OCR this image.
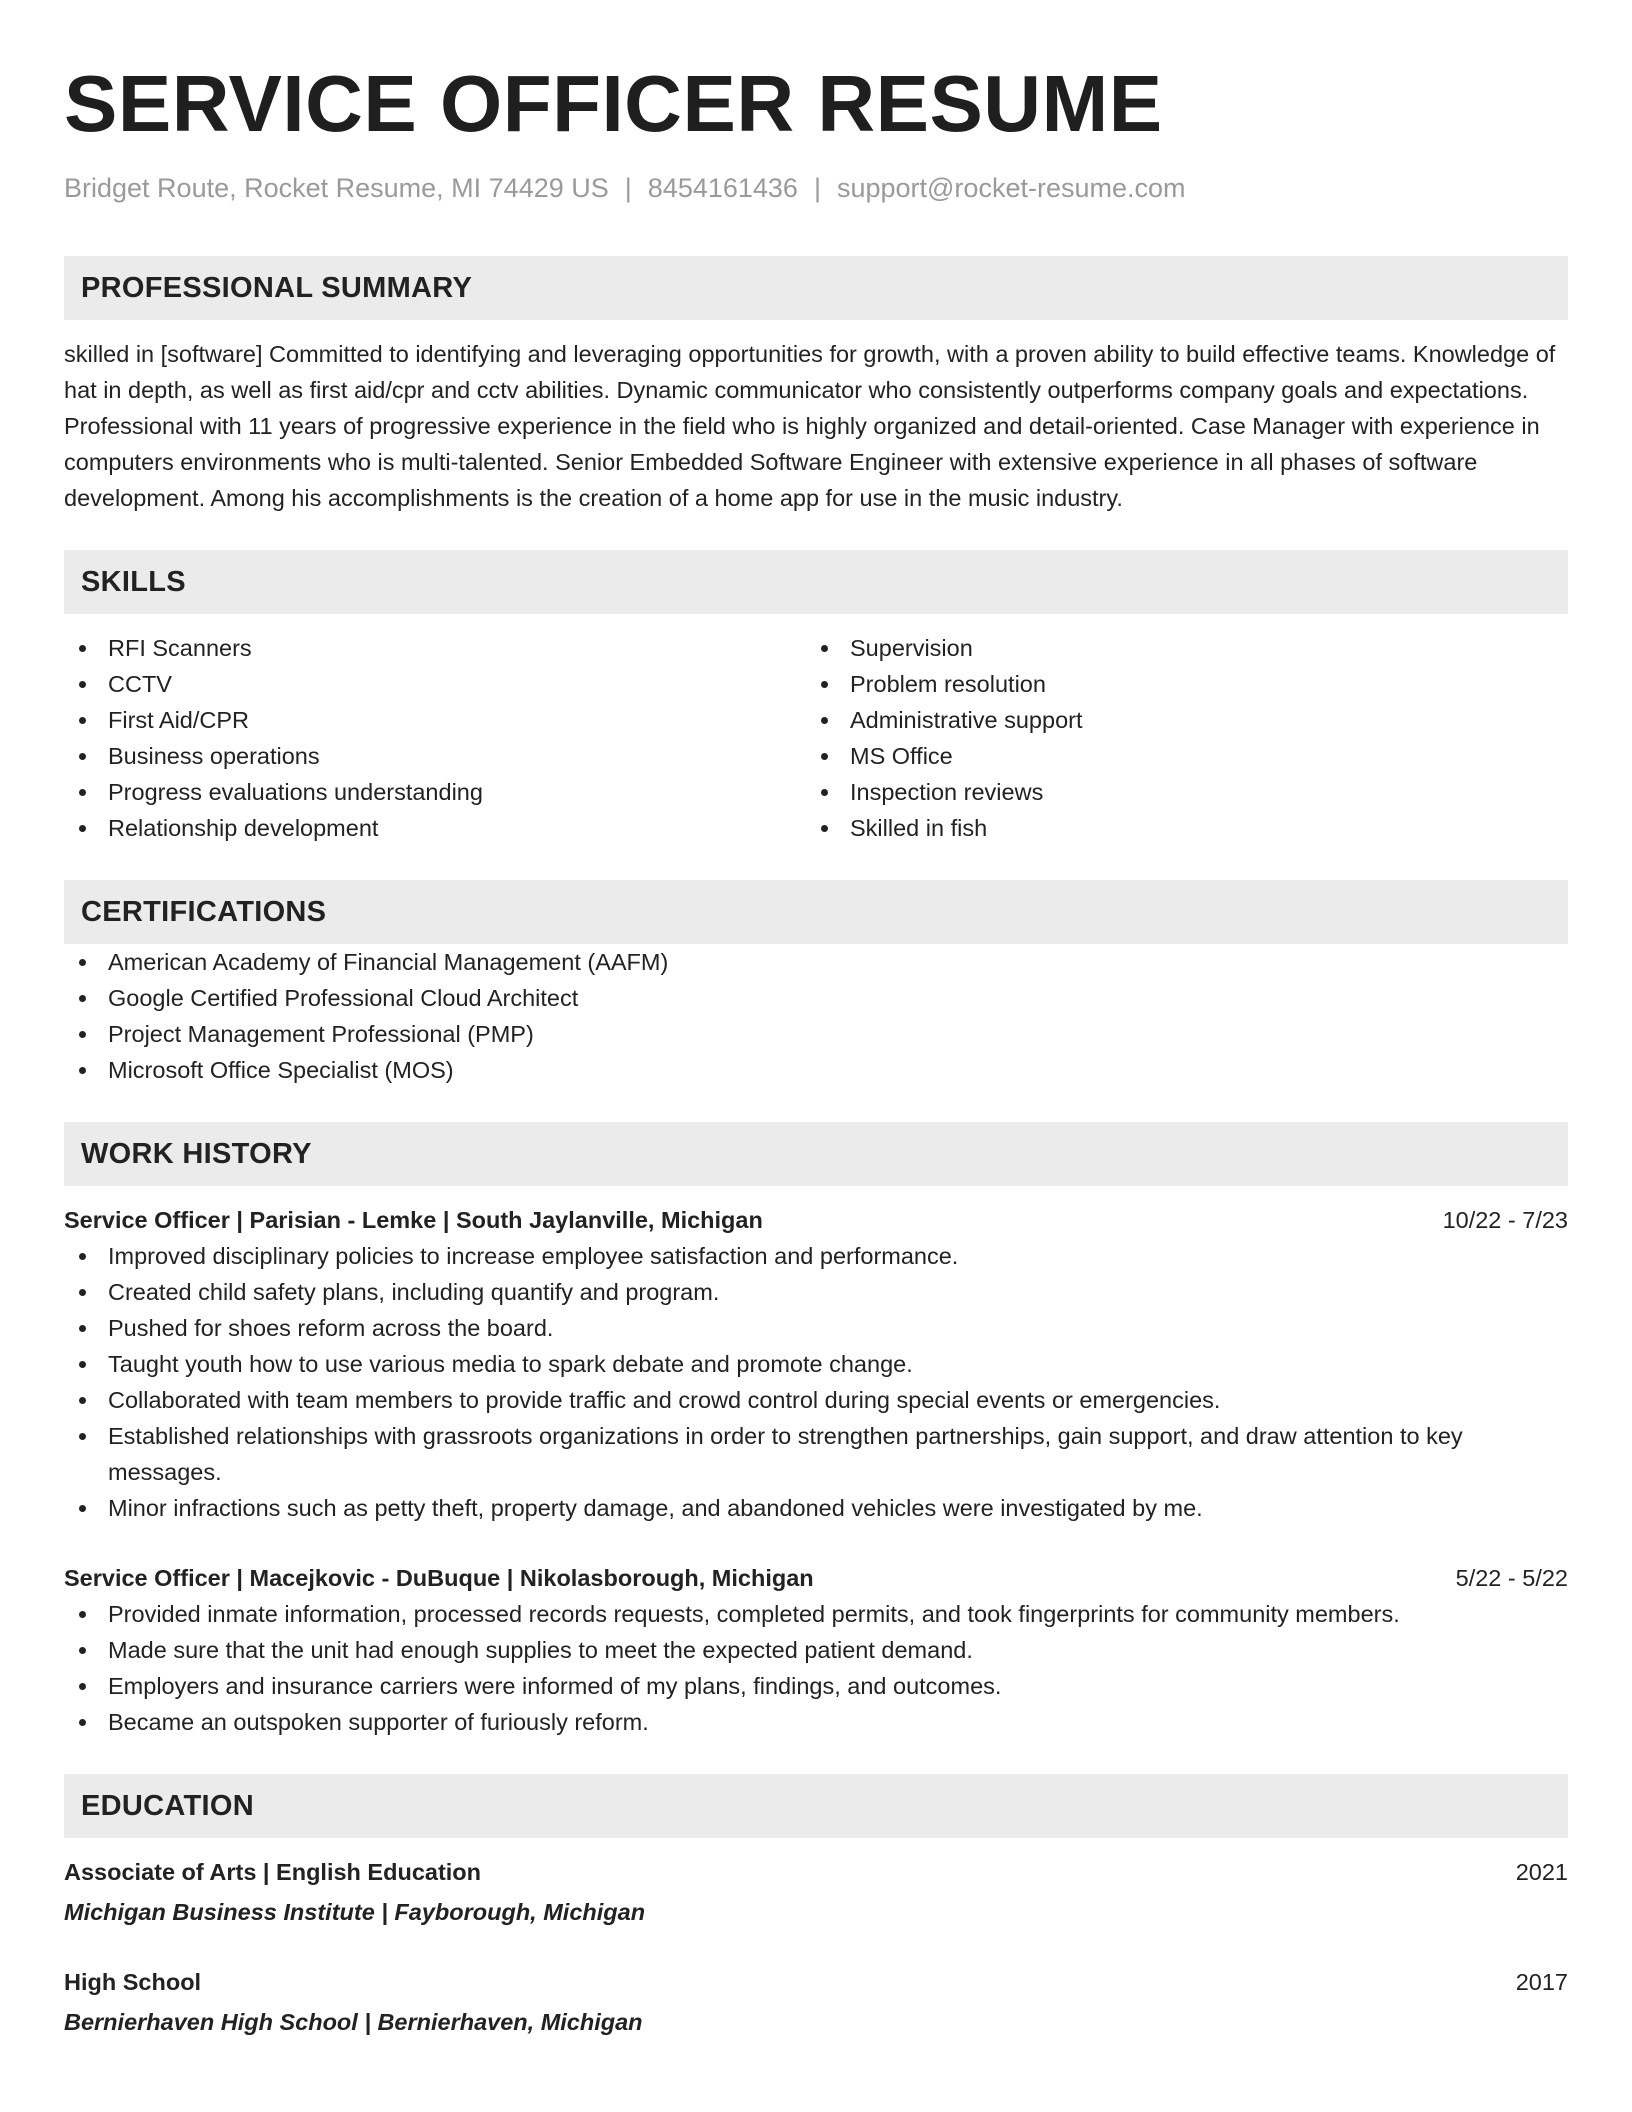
SERVICE OFFICER RESUME
Bridget Route, Rocket Resume, MI 74429 US | 8454161436 | support@rocket-resume.com
PROFESSIONAL SUMMARY

skilled in [software] Committed to identifying and leveraging opportunities for growth, with a proven ability to build effective teams. Knowledge of hat in depth, as well as first aid/cpr and cctv abilities. Dynamic communicator who consistently outperforms company goals and expectations. Professional with 11 years of progressive experience in the field who is highly organized and detail-oriented. Case Manager with experience in computers environments who is multi-talented. Senior Embedded Software Engineer with extensive experience in all phases of software development. Among his accomplishments is the creation of a home app for use in the music industry.

SKILLS
RFI Scanners
CCTV
First Aid/CPR
Business operations
Progress evaluations understanding
Relationship development
Supervision
Problem resolution
Administrative support
MS Office
Inspection reviews
Skilled in fish
CERTIFICATIONS
American Academy of Financial Management (AAFM)
Google Certified Professional Cloud Architect
Project Management Professional (PMP)
Microsoft Office Specialist (MOS)
WORK HISTORY
Service Officer | Parisian - Lemke | South Jaylanville, Michigan	10/22 - 7/23
Improved disciplinary policies to increase employee satisfaction and performance.
Created child safety plans, including quantify and program.
Pushed for shoes reform across the board.
Taught youth how to use various media to spark debate and promote change.
Collaborated with team members to provide traffic and crowd control during special events or emergencies.
Established relationships with grassroots organizations in order to strengthen partnerships, gain support, and draw attention to key messages.
Minor infractions such as petty theft, property damage, and abandoned vehicles were investigated by me.
Service Officer | Macejkovic - DuBuque | Nikolasborough, Michigan	5/22 - 5/22
Provided inmate information, processed records requests, completed permits, and took fingerprints for community members.
Made sure that the unit had enough supplies to meet the expected patient demand.
Employers and insurance carriers were informed of my plans, findings, and outcomes.
Became an outspoken supporter of furiously reform.
EDUCATION
Associate of Arts | English Education	2021
Michigan Business Institute | Fayborough, Michigan
High School	2017
Bernierhaven High School | Bernierhaven, Michigan
